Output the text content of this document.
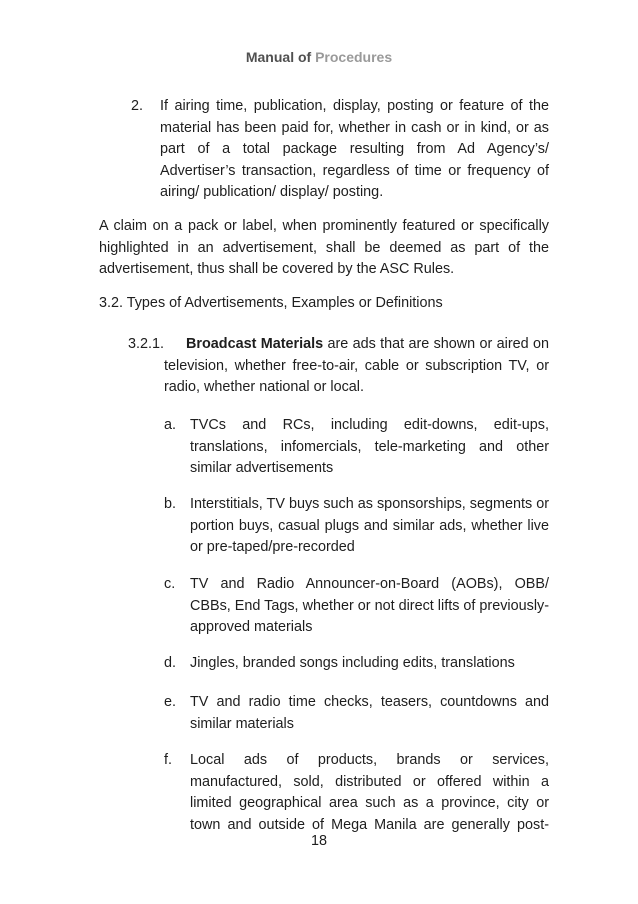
Manual of Procedures
2. If airing time, publication, display, posting or feature of the material has been paid for, whether in cash or in kind, or as part of a total package resulting from Ad Agency’s/ Advertiser’s transaction, regardless of time or frequency of airing/ publication/ display/ posting.
A claim on a pack or label, when prominently featured or specifically highlighted in an advertisement, shall be deemed as part of the advertisement, thus shall be covered by the ASC Rules.
3.2. Types of Advertisements, Examples or Definitions
3.2.1.	Broadcast Materials are ads that are shown or aired on television, whether free-to-air, cable or subscription TV, or radio, whether national or local.
a. TVCs and RCs, including edit-downs, edit-ups, translations, infomercials, tele-marketing and other similar advertisements
b. Interstitials, TV buys such as sponsorships, segments or portion buys, casual plugs and similar ads, whether live or pre-taped/pre-recorded
c. TV and Radio Announcer-on-Board (AOBs), OBB/ CBBs, End Tags, whether or not direct lifts of previously-approved materials
d. Jingles, branded songs including edits, translations
e. TV and radio time checks, teasers, countdowns and similar materials
f. Local ads of products, brands or services, manufactured, sold, distributed or offered within a limited geographical area such as a province, city or town and outside of Mega Manila are generally post-
18
